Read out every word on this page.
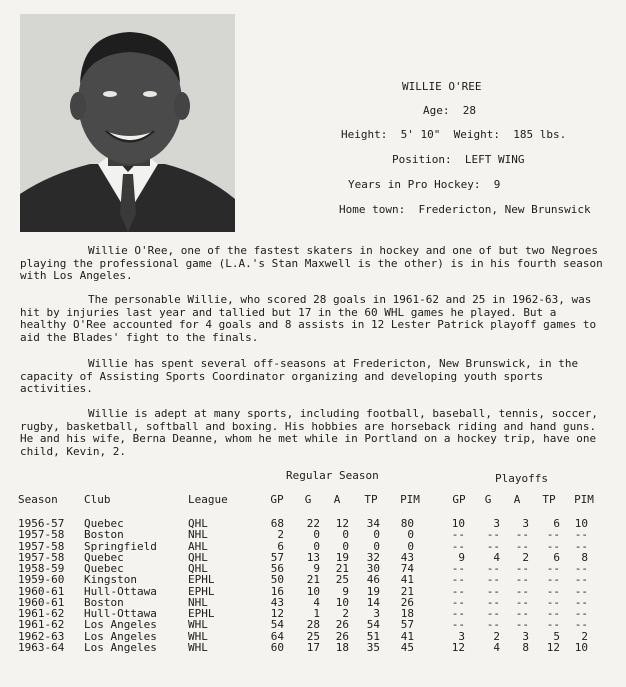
WILLIE O'REE
Age: 28
Height: 5' 10" Weight: 185 lbs.
Position: LEFT WING
Years in Pro Hockey: 9
Home town: Fredericton, New Brunswick

Willie O'Ree, one of the fastest skaters in hockey and one of but two Negroes playing the professional game (L.A.'s Stan Maxwell is the other) is in his fourth season with Los Angeles.

The personable Willie, who scored 28 goals in 1961-62 and 25 in 1962-63, was hit by injuries last year and tallied but 17 in the 60 WHL games he played. But a healthy O'Ree accounted for 4 goals and 8 assists in 12 Lester Patrick playoff games to aid the Blades' fight to the finals.

Willie has spent several off-seasons at Fredericton, New Brunswick, in the capacity of Assisting Sports Coordinator organizing and developing youth sports activities.

Willie is adept at many sports, including football, baseball, tennis, soccer, rugby, basketball, softball and boxing. His hobbies are horseback riding and hand guns. He and his wife, Berna Deanne, whom he met while in Portland on a hockey trip, have one child, Kevin, 2.

Regular Season	Playoffs
Season	Club	League	GP	G	A	TP	PIM	GP	G	A	TP	PIM
1956-57	Quebec	QHL	68	22	12	34	80	10	3	3	6	10
1957-58	Boston	NHL	2	0	0	0	0	--	--	--	--	--
1957-58	Springfield	AHL	6	0	0	0	0	--	--	--	--	--
1957-58	Quebec	QHL	57	13	19	32	43	9	4	2	6	8
1958-59	Quebec	QHL	56	9	21	30	74	--	--	--	--	--
1959-60	Kingston	EPHL	50	21	25	46	41	--	--	--	--	--
1960-61	Hull-Ottawa	EPHL	16	10	9	19	21	--	--	--	--	--
1960-61	Boston	NHL	43	4	10	14	26	--	--	--	--	--
1961-62	Hull-Ottawa	EPHL	12	1	2	3	18	--	--	--	--	--
1961-62	Los Angeles	WHL	54	28	26	54	57	--	--	--	--	--
1962-63	Los Angeles	WHL	64	25	26	51	41	3	2	3	5	2
1963-64	Los Angeles	WHL	60	17	18	35	45	12	4	8	12	10
